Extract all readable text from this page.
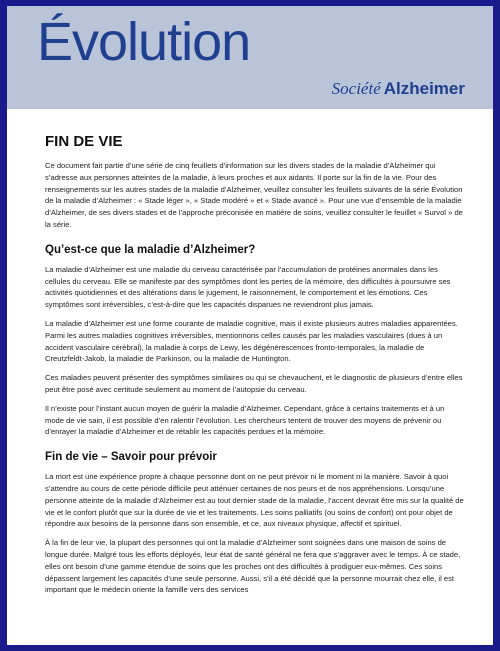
Évolution
Société Alzheimer
FIN DE VIE

Ce document fait partie d’une série de cinq feuillets d’information sur les divers stades de la maladie d’Alzheimer qui s’adresse aux personnes atteintes de la maladie, à leurs proches et aux aidants. Il porte sur la fin de la vie. Pour des renseignements sur les autres stades de la maladie d’Alzheimer, veuillez consulter les feuillets suivants de la série Évolution de la maladie d’Alzheimer : « Stade léger », « Stade modéré » et « Stade avancé ». Pour une vue d’ensemble de la maladie d’Alzheimer, de ses divers stades et de l’approche préconisée en matière de soins, veuillez consulter le feuillet « Survol » de la série.

Qu’est-ce que la maladie d’Alzheimer?

La maladie d’Alzheimer est une maladie du cerveau caractérisée par l’accumulation de protéines anormales dans les cellules du cerveau. Elle se manifeste par des symptômes dont les pertes de la mémoire, des difficultés à poursuivre ses activités quotidiennes et des altérations dans le jugement, le raisonnement, le comportement et les émotions. Ces symptômes sont irréversibles, c’est-à-dire que les capacités disparues ne reviendront plus jamais.

La maladie d’Alzheimer est une forme courante de maladie cognitive, mais il existe plusieurs autres maladies apparentées. Parmi les autres maladies cognitives irréversibles, mentionnons celles causés par les maladies vasculaires (dues à un accident vasculaire cérébral), la maladie à corps de Lewy, les dégénérescences fronto-temporales, la maladie de Creutzfeldt-Jakob, la maladie de Parkinson, ou la maladie de Huntington.

Ces maladies peuvent présenter des symptômes similaires ou qui se chevauchent, et le diagnostic de plusieurs d’entre elles peut être posé avec certitude seulement au moment de l’autopsie du cerveau.

Il n’existe pour l’instant aucun moyen de guérir la maladie d’Alzheimer. Cependant, grâce à certains traitements et à un mode de vie sain, il est possible d’en ralentir l’évolution. Les chercheurs tentent de trouver des moyens de prévenir ou d’enrayer la maladie d’Alzheimer et de rétablir les capacités perdues et la mémoire.

Fin de vie – Savoir pour prévoir

La mort est une expérience propre à chaque personne dont on ne peut prévoir ni le moment ni la manière. Savoir à quoi s’attendre au cours de cette période difficile peut atténuer certaines de nos peurs et de nos appréhensions. Lorsqu’une personne atteinte de la maladie d’Alzheimer est au tout dernier stade de la maladie, l’accent devrait être mis sur la qualité de vie et le confort plutôt que sur la durée de vie et les traitements. Les soins palliatifs (ou soins de confort) ont pour objet de répondre aux besoins de la personne dans son ensemble, et ce, aux niveaux physique, affectif et spirituel.

À la fin de leur vie, la plupart des personnes qui ont la maladie d’Alzheimer sont soignées dans une maison de soins de longue durée. Malgré tous les efforts déployés, leur état de santé général ne fera que s’aggraver avec le temps. À ce stade, elles ont besoin d’une gamme étendue de soins que les proches ont des difficultés à prodiguer eux-mêmes. Ces soins dépassent largement les capacités d’une seule personne. Aussi, s’il a été décidé que la personne mourrait chez elle, il est important que le médecin oriente la famille vers des services
